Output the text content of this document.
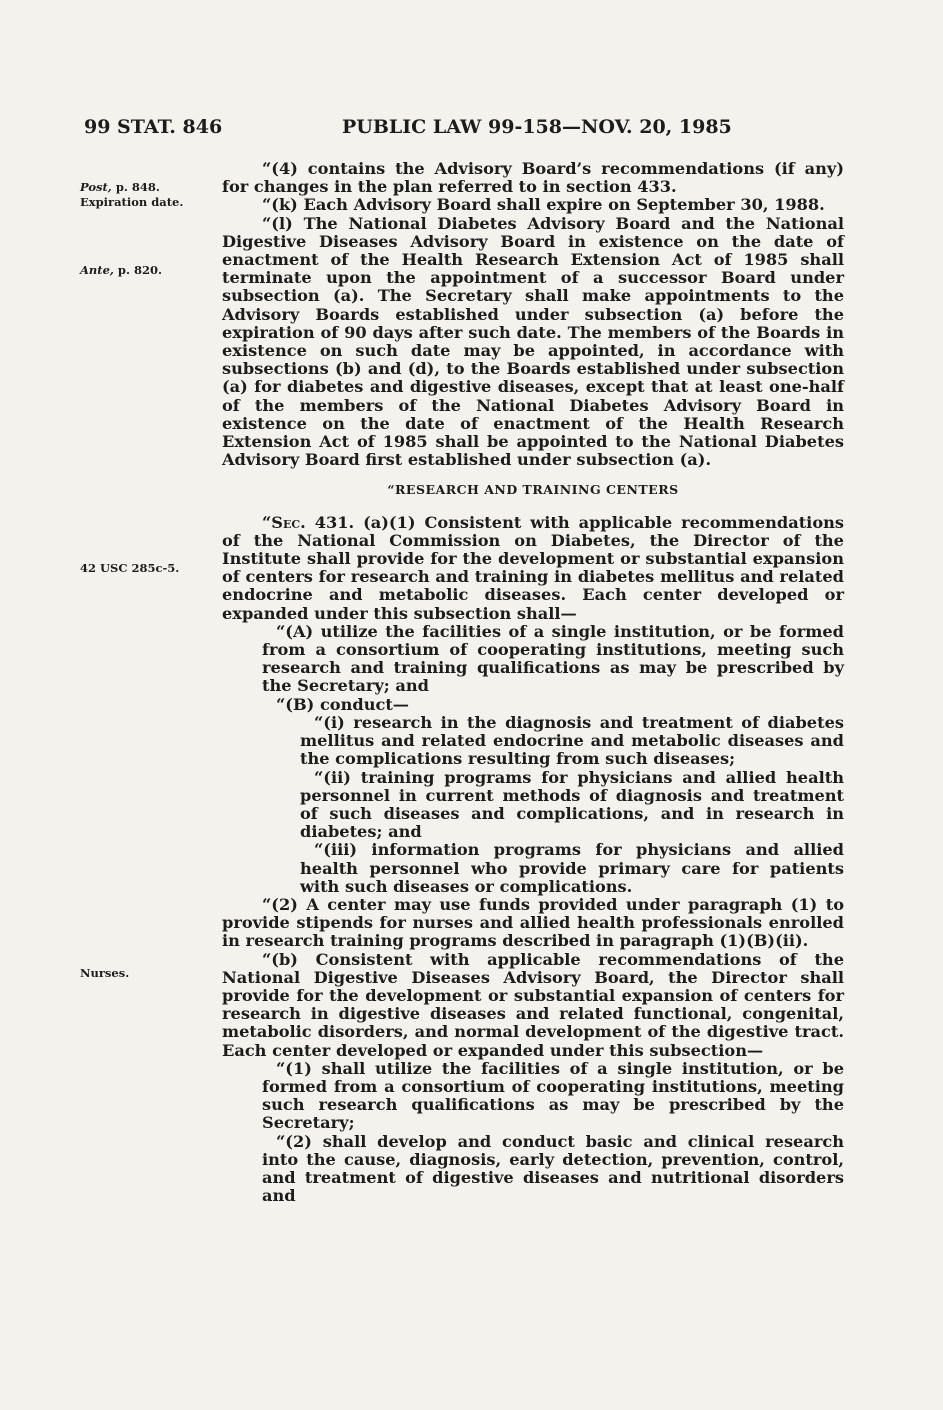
99 STAT. 846	PUBLIC LAW 99-158—NOV. 20, 1985
Post, p. 848.
Expiration date.
Ante, p. 820.
42 USC 285c-5.
Nurses.

“(4) contains the Advisory Board’s recommendations (if any) for changes in the plan referred to in section 433.

“(k) Each Advisory Board shall expire on September 30, 1988.

“(l) The National Diabetes Advisory Board and the National Digestive Diseases Advisory Board in existence on the date of enactment of the Health Research Extension Act of 1985 shall terminate upon the appointment of a successor Board under subsection (a). The Secretary shall make appointments to the Advisory Boards established under subsection (a) before the expiration of 90 days after such date. The members of the Boards in existence on such date may be appointed, in accordance with subsections (b) and (d), to the Boards established under subsection (a) for diabetes and digestive diseases, except that at least one-half of the members of the National Diabetes Advisory Board in existence on the date of enactment of the Health Research Extension Act of 1985 shall be appointed to the National Diabetes Advisory Board first established under subsection (a).

“RESEARCH AND TRAINING CENTERS

“Sec. 431. (a)(1) Consistent with applicable recommendations of the National Commission on Diabetes, the Director of the Institute shall provide for the development or substantial expansion of centers for research and training in diabetes mellitus and related endocrine and metabolic diseases. Each center developed or expanded under this subsection shall—

“(A) utilize the facilities of a single institution, or be formed from a consortium of cooperating institutions, meeting such research and training qualifications as may be prescribed by the Secretary; and

“(B) conduct—

“(i) research in the diagnosis and treatment of diabetes mellitus and related endocrine and metabolic diseases and the complications resulting from such diseases;

“(ii) training programs for physicians and allied health personnel in current methods of diagnosis and treatment of such diseases and complications, and in research in diabetes; and

“(iii) information programs for physicians and allied health personnel who provide primary care for patients with such diseases or complications.

“(2) A center may use funds provided under paragraph (1) to provide stipends for nurses and allied health professionals enrolled in research training programs described in paragraph (1)(B)(ii).

“(b) Consistent with applicable recommendations of the National Digestive Diseases Advisory Board, the Director shall provide for the development or substantial expansion of centers for research in digestive diseases and related functional, congenital, metabolic disorders, and normal development of the digestive tract. Each center developed or expanded under this subsection—

“(1) shall utilize the facilities of a single institution, or be formed from a consortium of cooperating institutions, meeting such research qualifications as may be prescribed by the Secretary;

“(2) shall develop and conduct basic and clinical research into the cause, diagnosis, early detection, prevention, control, and treatment of digestive diseases and nutritional disorders and
